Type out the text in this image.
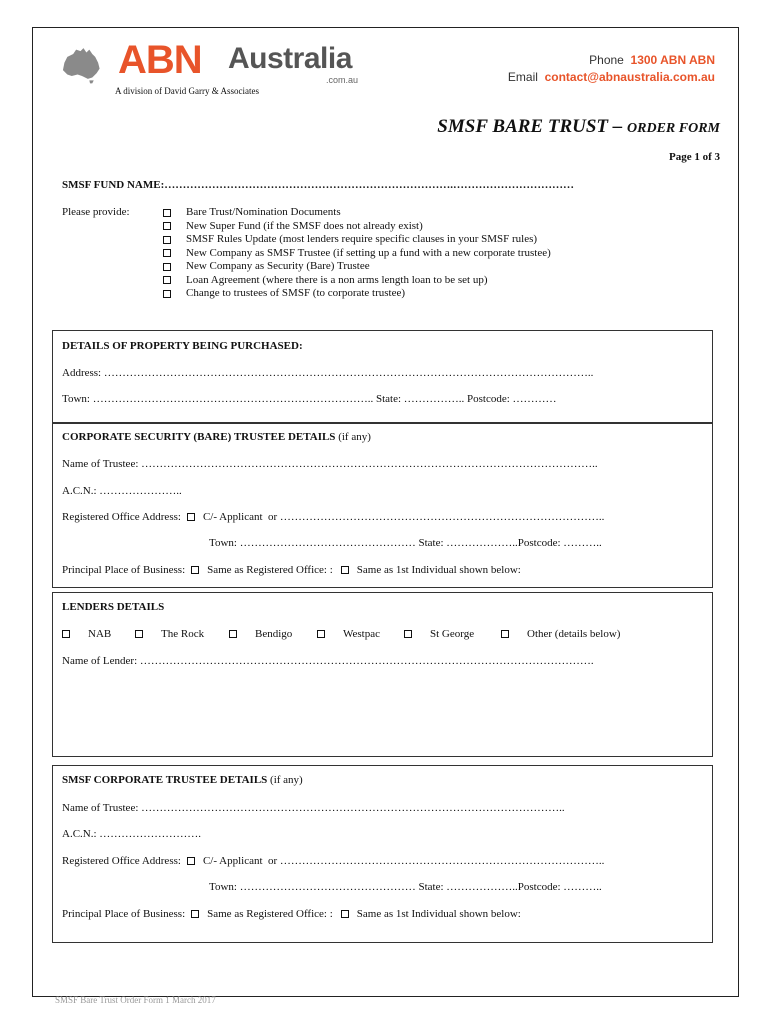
ABN Australia
.com.au
A division of David Garry & Associates
Phone 1300 ABN ABN
Email contact@abnaustralia.com.au
SMSF BARE TRUST – ORDER FORM
Page 1 of 3
SMSF FUND NAME:…………………………………………………………………….……………………………
Please provide:	Bare Trust/Nomination Documents
New Super Fund (if the SMSF does not already exist)
SMSF Rules Update (most lenders require specific clauses in your SMSF rules)
New Company as SMSF Trustee (if setting up a fund with a new corporate trustee)
New Company as Security (Bare) Trustee
Loan Agreement (where there is a non arms length loan to be set up)
Change to trustees of SMSF (to corporate trustee)
DETAILS OF PROPERTY BEING PURCHASED:
Address: ……………………………………………………………………………………………………………………..
Town: ………………………………………………………………….. State: …………….. Postcode: …………
CORPORATE SECURITY (BARE) TRUSTEE DETAILS (if any)
Name of Trustee: ……………………………………………………………………………………………………………..
A.C.N.: …………………..
Registered Office Address: C/- Applicant
or ……………………………………………………………………………..
Town: ………………………………………… State: ………………..Postcode: ………..
Principal Place of Business: Same as Registered Office: : Same as 1st Individual shown below:
LENDERS DETAILS
NAB	The Rock	Bendigo	Westpac	St George	Other (details below)
Name of Lender: …………………………………………………………………………………………………………….
SMSF CORPORATE TRUSTEE DETAILS (if any)
Name of Trustee: ……………………………………………………………………………………………………..
A.C.N.: ……………………….
Registered Office Address: C/- Applicant
or ……………………………………………………………………………..
Town: ………………………………………… State: ………………..Postcode: ………..
Principal Place of Business: Same as Registered Office: : Same as 1st Individual shown below:
SMSF Bare Trust Order Form 1 March 2017
